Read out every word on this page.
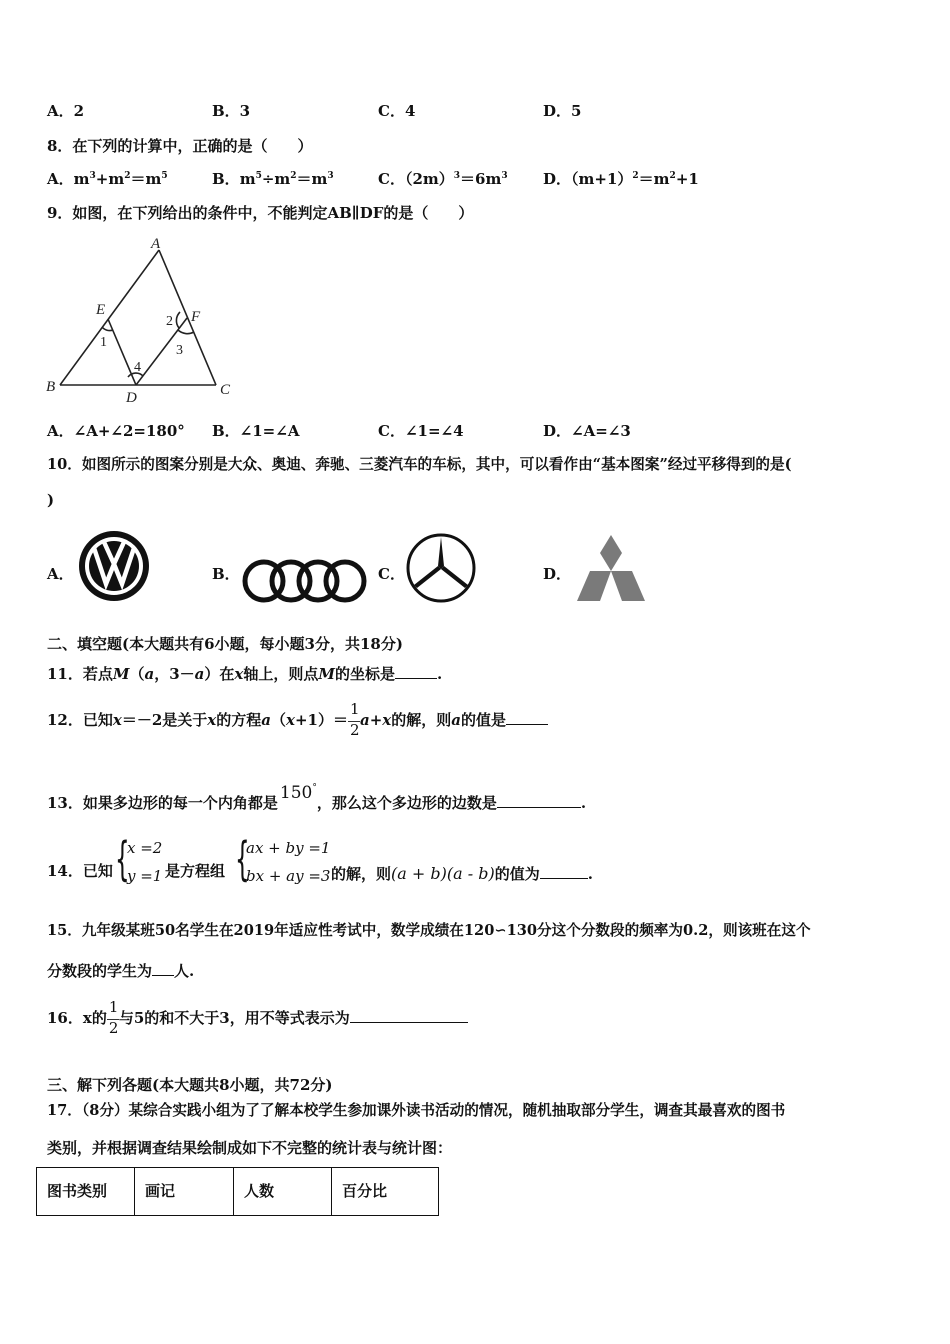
A．2	B．3	C．4	D．5
8．在下列的计算中，正确的是（　　）
A．$m^3+m^2=m^5$	B．$m^5\div m^2=m^3$	C．$(2m)^3=6m^3$ D．$(m+1)^2=m^2+1$
9．如图，在下列给出的条件中，不能判定AB∥DF的是（　　）
A
B	C
D
E	F
1
2
3
4
A．∠A+∠2=180° B．∠1=∠A	C．∠1=∠4	D．∠A=∠3
10．如图所示的图案分别是大众、奥迪、奔驰、三菱汽车的车标，其中，可以看作由“基本图案”经过平移得到的是(
)
A．	B．	C．	D．
二、填空题(本大题共有6小题，每小题3分，共18分)
11．若点M（a，3－a）在x轴上，则点M的坐标是	.
12．已知x＝－2是关于x的方程$a(x+1)= \frac{1}{2} a+x$的解，则a的值是
13．如果多边形的每一个内角都是 150°，那么这个多边形的边数是	.
14．已知 {
x =2
y =1 是方程组 {
ax + by =1
bx + ay =3 的解，则(a + b)(a - b)的值为	.
15．九年级某班50名学生在2019年适应性考试中，数学成绩在120∽130分这个分数段的频率为0.2，则该班在这个
分数段的学生为 人.
16．x的 $\frac{1}{2}$ 与5的和不大于3，用不等式表示为
三、解下列各题(本大题共8小题，共72分)
17．（8分）某综合实践小组为了了解本校学生参加课外读书活动的情况，随机抽取部分学生，调查其最喜欢的图书
类别，并根据调查结果绘制成如下不完整的统计表与统计图：
图书类别	画记	人数	百分比
